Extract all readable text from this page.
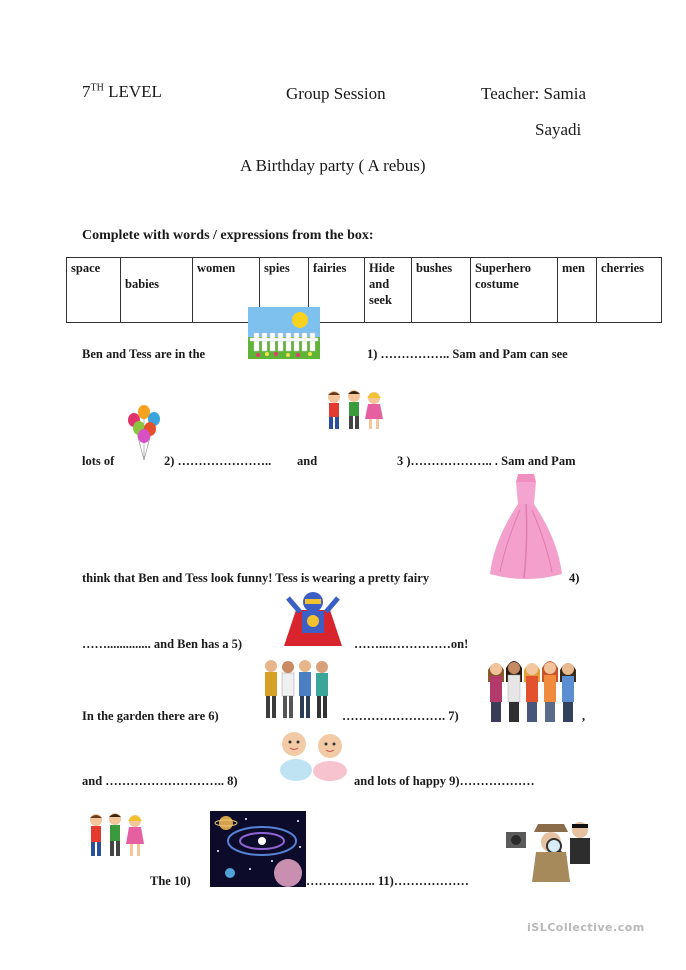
7TH LEVEL	Group Session	Teacher: Samia
Sayadi
A Birthday party ( A rebus)
Complete with words / expressions from the box:
space	babies	women	spies	fairies	Hide and seek	bushes	Superhero costume	men	cherries
Ben and Tess are in the	1) …………….. Sam and Pam can see
lots of	2) ………………….. and	3 )……………….. . Sam and Pam
think that Ben and Tess look funny! Tess is wearing a pretty fairy	4)
…….............. and Ben has a 5)	……...……………on!
In the garden there are 6)	……………………. 7)	,
and ……………………….. 8)	and lots of happy 9)………………
The 10)	…………….. 11)………………
iSLCollective.com
